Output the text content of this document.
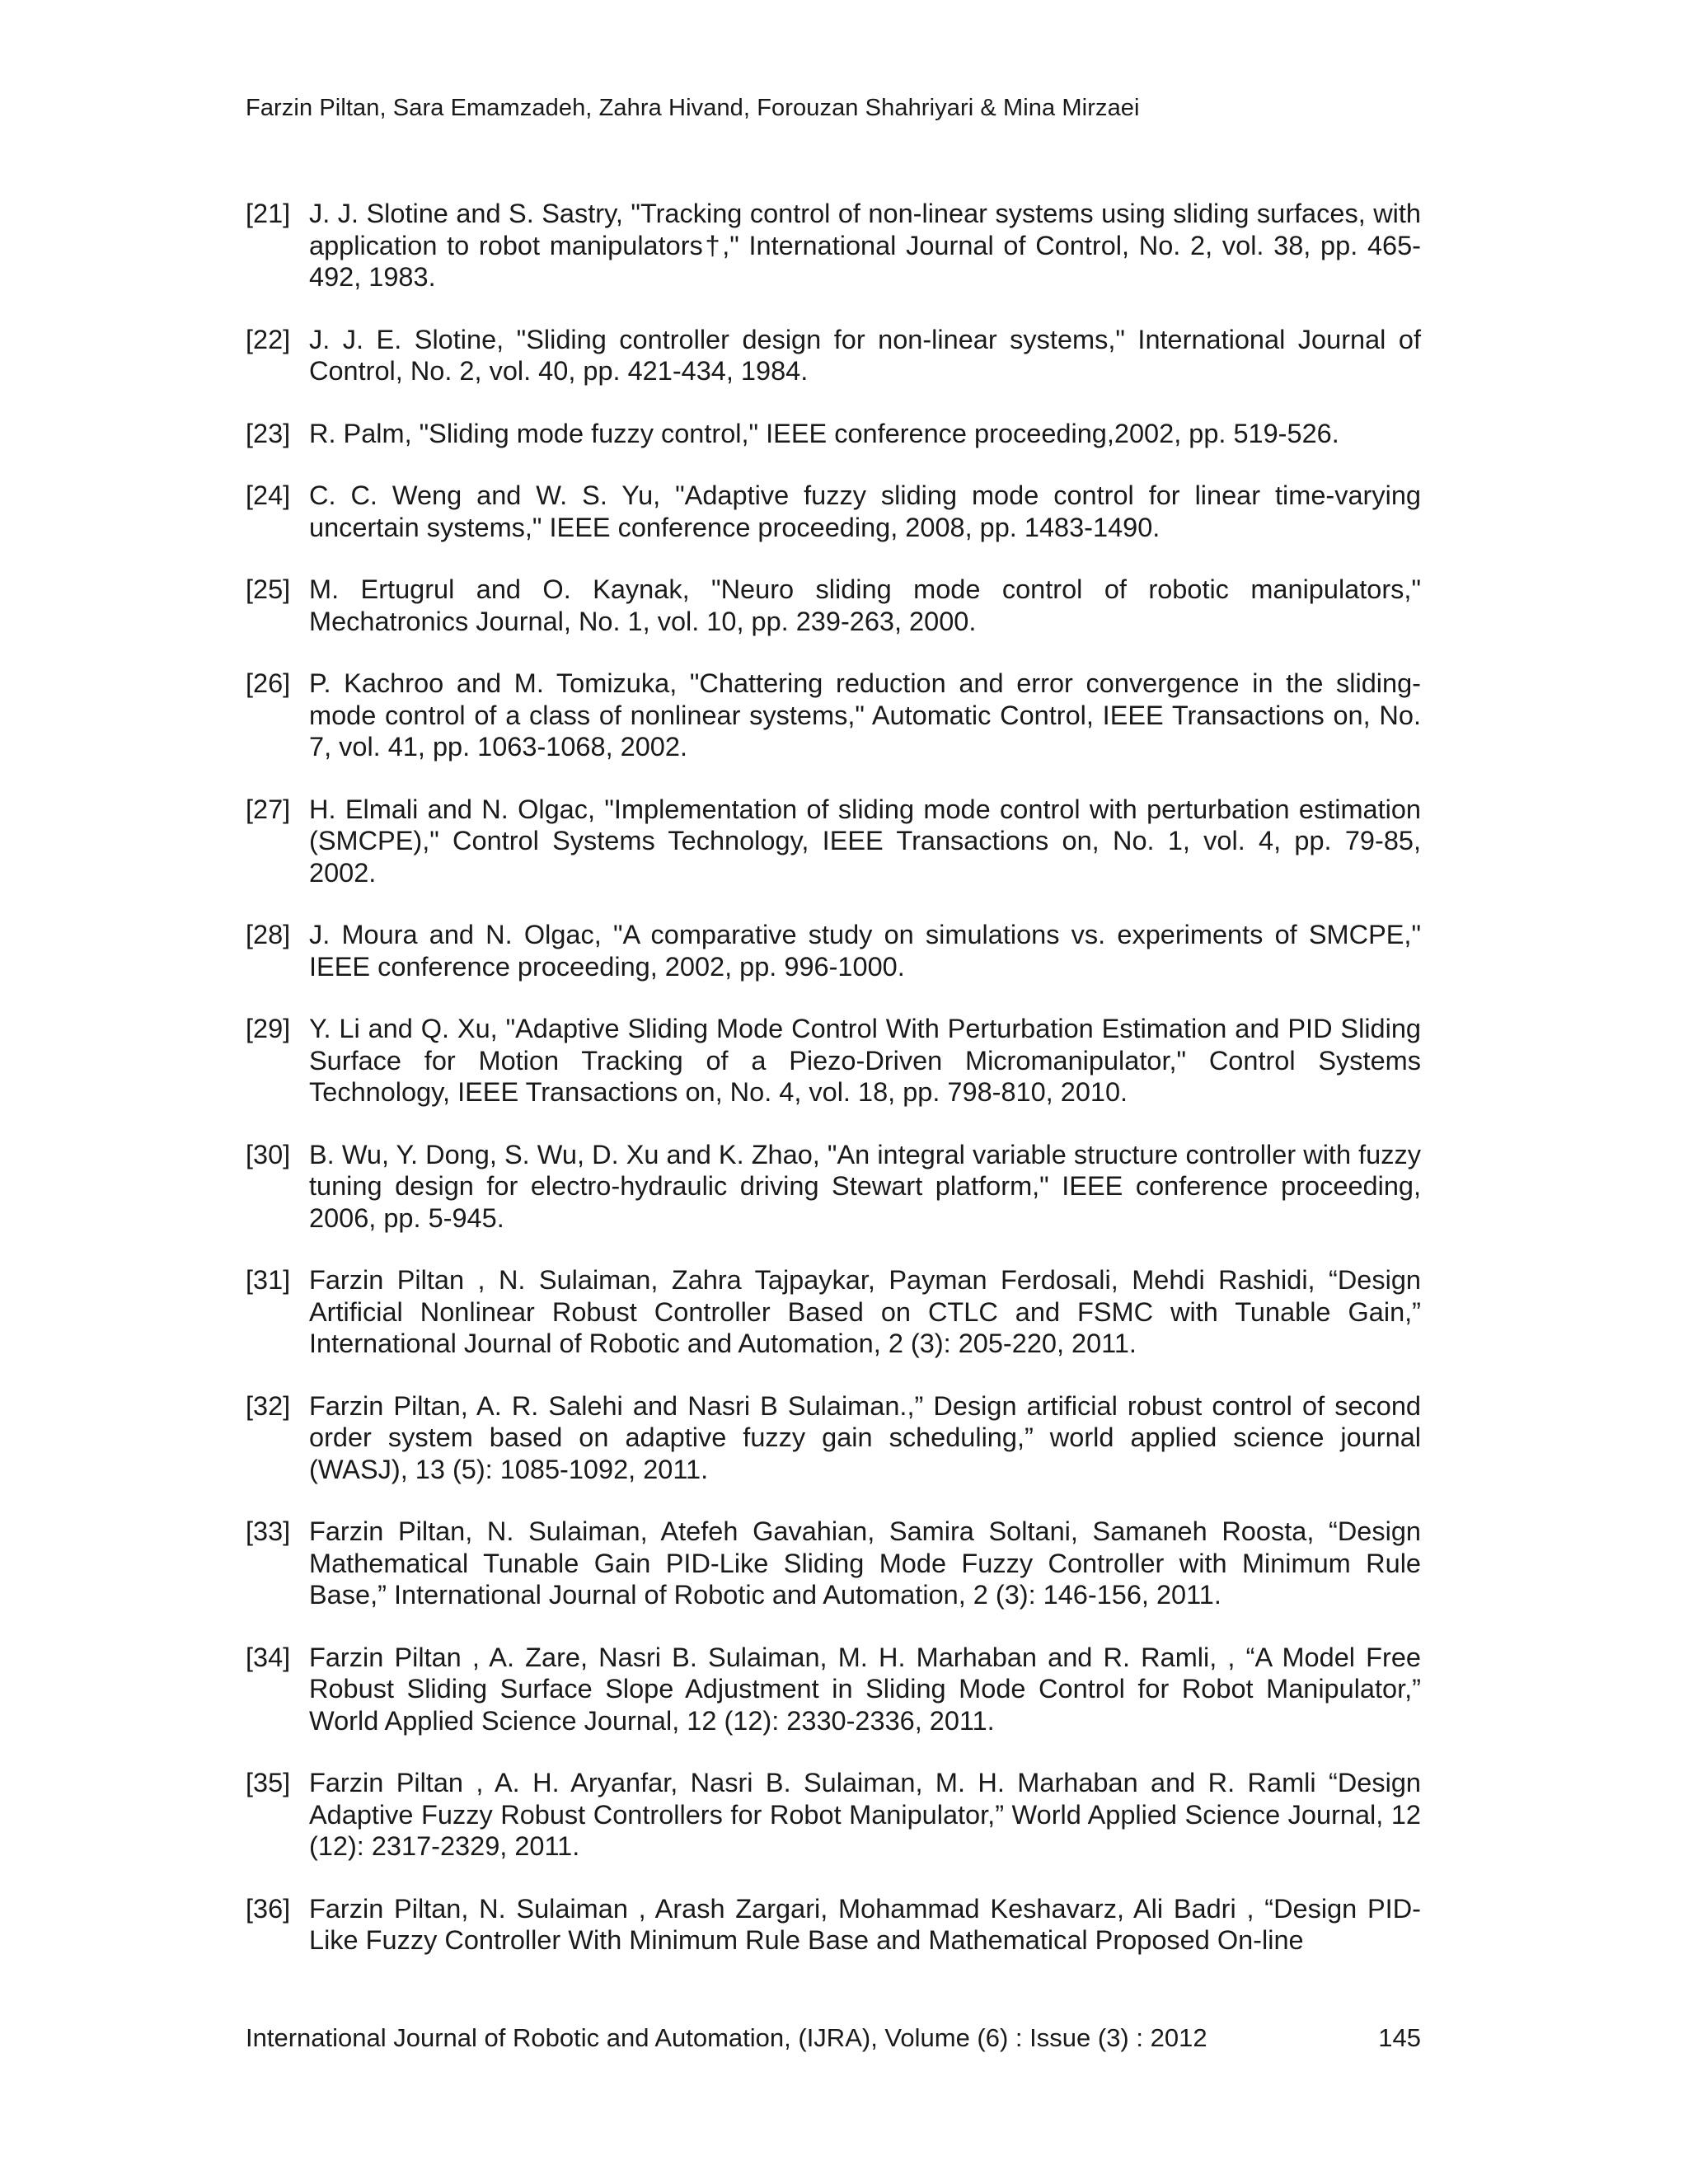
Farzin Piltan, Sara Emamzadeh, Zahra Hivand, Forouzan Shahriyari & Mina Mirzaei
[21] J. J. Slotine and S. Sastry, "Tracking control of non-linear systems using sliding surfaces, with application to robot manipulators†," International Journal of Control, No. 2, vol. 38, pp. 465-492, 1983.
[22] J. J. E. Slotine, "Sliding controller design for non-linear systems," International Journal of Control, No. 2, vol. 40, pp. 421-434, 1984.
[23] R. Palm, "Sliding mode fuzzy control," IEEE conference proceeding,2002, pp. 519-526.
[24] C. C. Weng and W. S. Yu, "Adaptive fuzzy sliding mode control for linear time-varying uncertain systems," IEEE conference proceeding, 2008, pp. 1483-1490.
[25] M. Ertugrul and O. Kaynak, "Neuro sliding mode control of robotic manipulators," Mechatronics Journal, No. 1, vol. 10, pp. 239-263, 2000.
[26] P. Kachroo and M. Tomizuka, "Chattering reduction and error convergence in the sliding-mode control of a class of nonlinear systems," Automatic Control, IEEE Transactions on, No. 7, vol. 41, pp. 1063-1068, 2002.
[27] H. Elmali and N. Olgac, "Implementation of sliding mode control with perturbation estimation (SMCPE)," Control Systems Technology, IEEE Transactions on, No. 1, vol. 4, pp. 79-85, 2002.
[28] J. Moura and N. Olgac, "A comparative study on simulations vs. experiments of SMCPE," IEEE conference proceeding, 2002, pp. 996-1000.
[29] Y. Li and Q. Xu, "Adaptive Sliding Mode Control With Perturbation Estimation and PID Sliding Surface for Motion Tracking of a Piezo-Driven Micromanipulator," Control Systems Technology, IEEE Transactions on, No. 4, vol. 18, pp. 798-810, 2010.
[30] B. Wu, Y. Dong, S. Wu, D. Xu and K. Zhao, "An integral variable structure controller with fuzzy tuning design for electro-hydraulic driving Stewart platform," IEEE conference proceeding, 2006, pp. 5-945.
[31] Farzin Piltan , N. Sulaiman, Zahra Tajpaykar, Payman Ferdosali, Mehdi Rashidi, “Design Artificial Nonlinear Robust Controller Based on CTLC and FSMC with Tunable Gain,” International Journal of Robotic and Automation, 2 (3): 205-220, 2011.
[32] Farzin Piltan, A. R. Salehi and Nasri B Sulaiman.,” Design artificial robust control of second order system based on adaptive fuzzy gain scheduling,” world applied science journal (WASJ), 13 (5): 1085-1092, 2011.
[33] Farzin Piltan, N. Sulaiman, Atefeh Gavahian, Samira Soltani, Samaneh Roosta, “Design Mathematical Tunable Gain PID-Like Sliding Mode Fuzzy Controller with Minimum Rule Base,” International Journal of Robotic and Automation, 2 (3): 146-156, 2011.
[34] Farzin Piltan , A. Zare, Nasri B. Sulaiman, M. H. Marhaban and R. Ramli, , “A Model Free Robust Sliding Surface Slope Adjustment in Sliding Mode Control for Robot Manipulator,” World Applied Science Journal, 12 (12): 2330-2336, 2011.
[35] Farzin Piltan , A. H. Aryanfar, Nasri B. Sulaiman, M. H. Marhaban and R. Ramli “Design Adaptive Fuzzy Robust Controllers for Robot Manipulator,” World Applied Science Journal, 12 (12): 2317-2329, 2011.
[36] Farzin Piltan, N. Sulaiman , Arash Zargari, Mohammad Keshavarz, Ali Badri , “Design PID-Like Fuzzy Controller With Minimum Rule Base and Mathematical Proposed On-line
International Journal of Robotic and Automation, (IJRA), Volume (6) : Issue (3) : 2012	145
